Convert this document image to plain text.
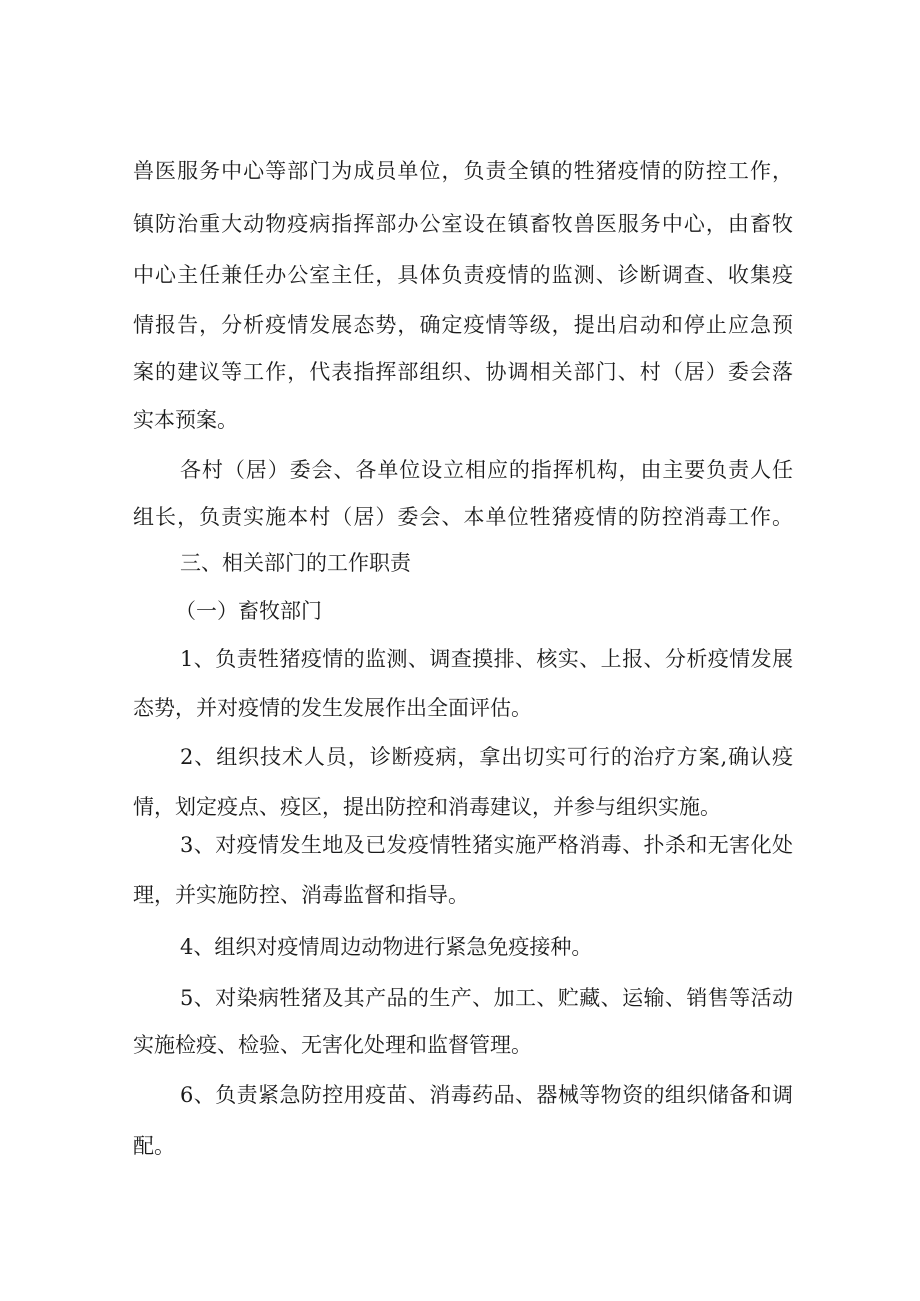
兽医服务中心等部门为成员单位，负责全镇的牲猪疫情的防控工作，
镇防治重大动物疫病指挥部办公室设在镇畜牧兽医服务中心，由畜牧
中心主任兼任办公室主任，具体负责疫情的监测、诊断调查、收集疫
情报告，分析疫情发展态势，确定疫情等级，提出启动和停止应急预
案的建议等工作，代表指挥部组织、协调相关部门、村（居）委会落
实本预案。
各村（居）委会、各单位设立相应的指挥机构，由主要负责人任
组长，负责实施本村（居）委会、本单位牲猪疫情的防控消毒工作。
三、相关部门的工作职责
（一）畜牧部门
1、负责牲猪疫情的监测、调查摸排、核实、上报、分析疫情发展
态势，并对疫情的发生发展作出全面评估。
2、组织技术人员，诊断疫病，拿出切实可行的治疗方案,确认疫
情，划定疫点、疫区，提出防控和消毒建议，并参与组织实施。
3、对疫情发生地及已发疫情牲猪实施严格消毒、扑杀和无害化处
理，并实施防控、消毒监督和指导。
4、组织对疫情周边动物进行紧急免疫接种。
5、对染病牲猪及其产品的生产、加工、贮藏、运输、销售等活动
实施检疫、检验、无害化处理和监督管理。
6、负责紧急防控用疫苗、消毒药品、器械等物资的组织储备和调
配。
